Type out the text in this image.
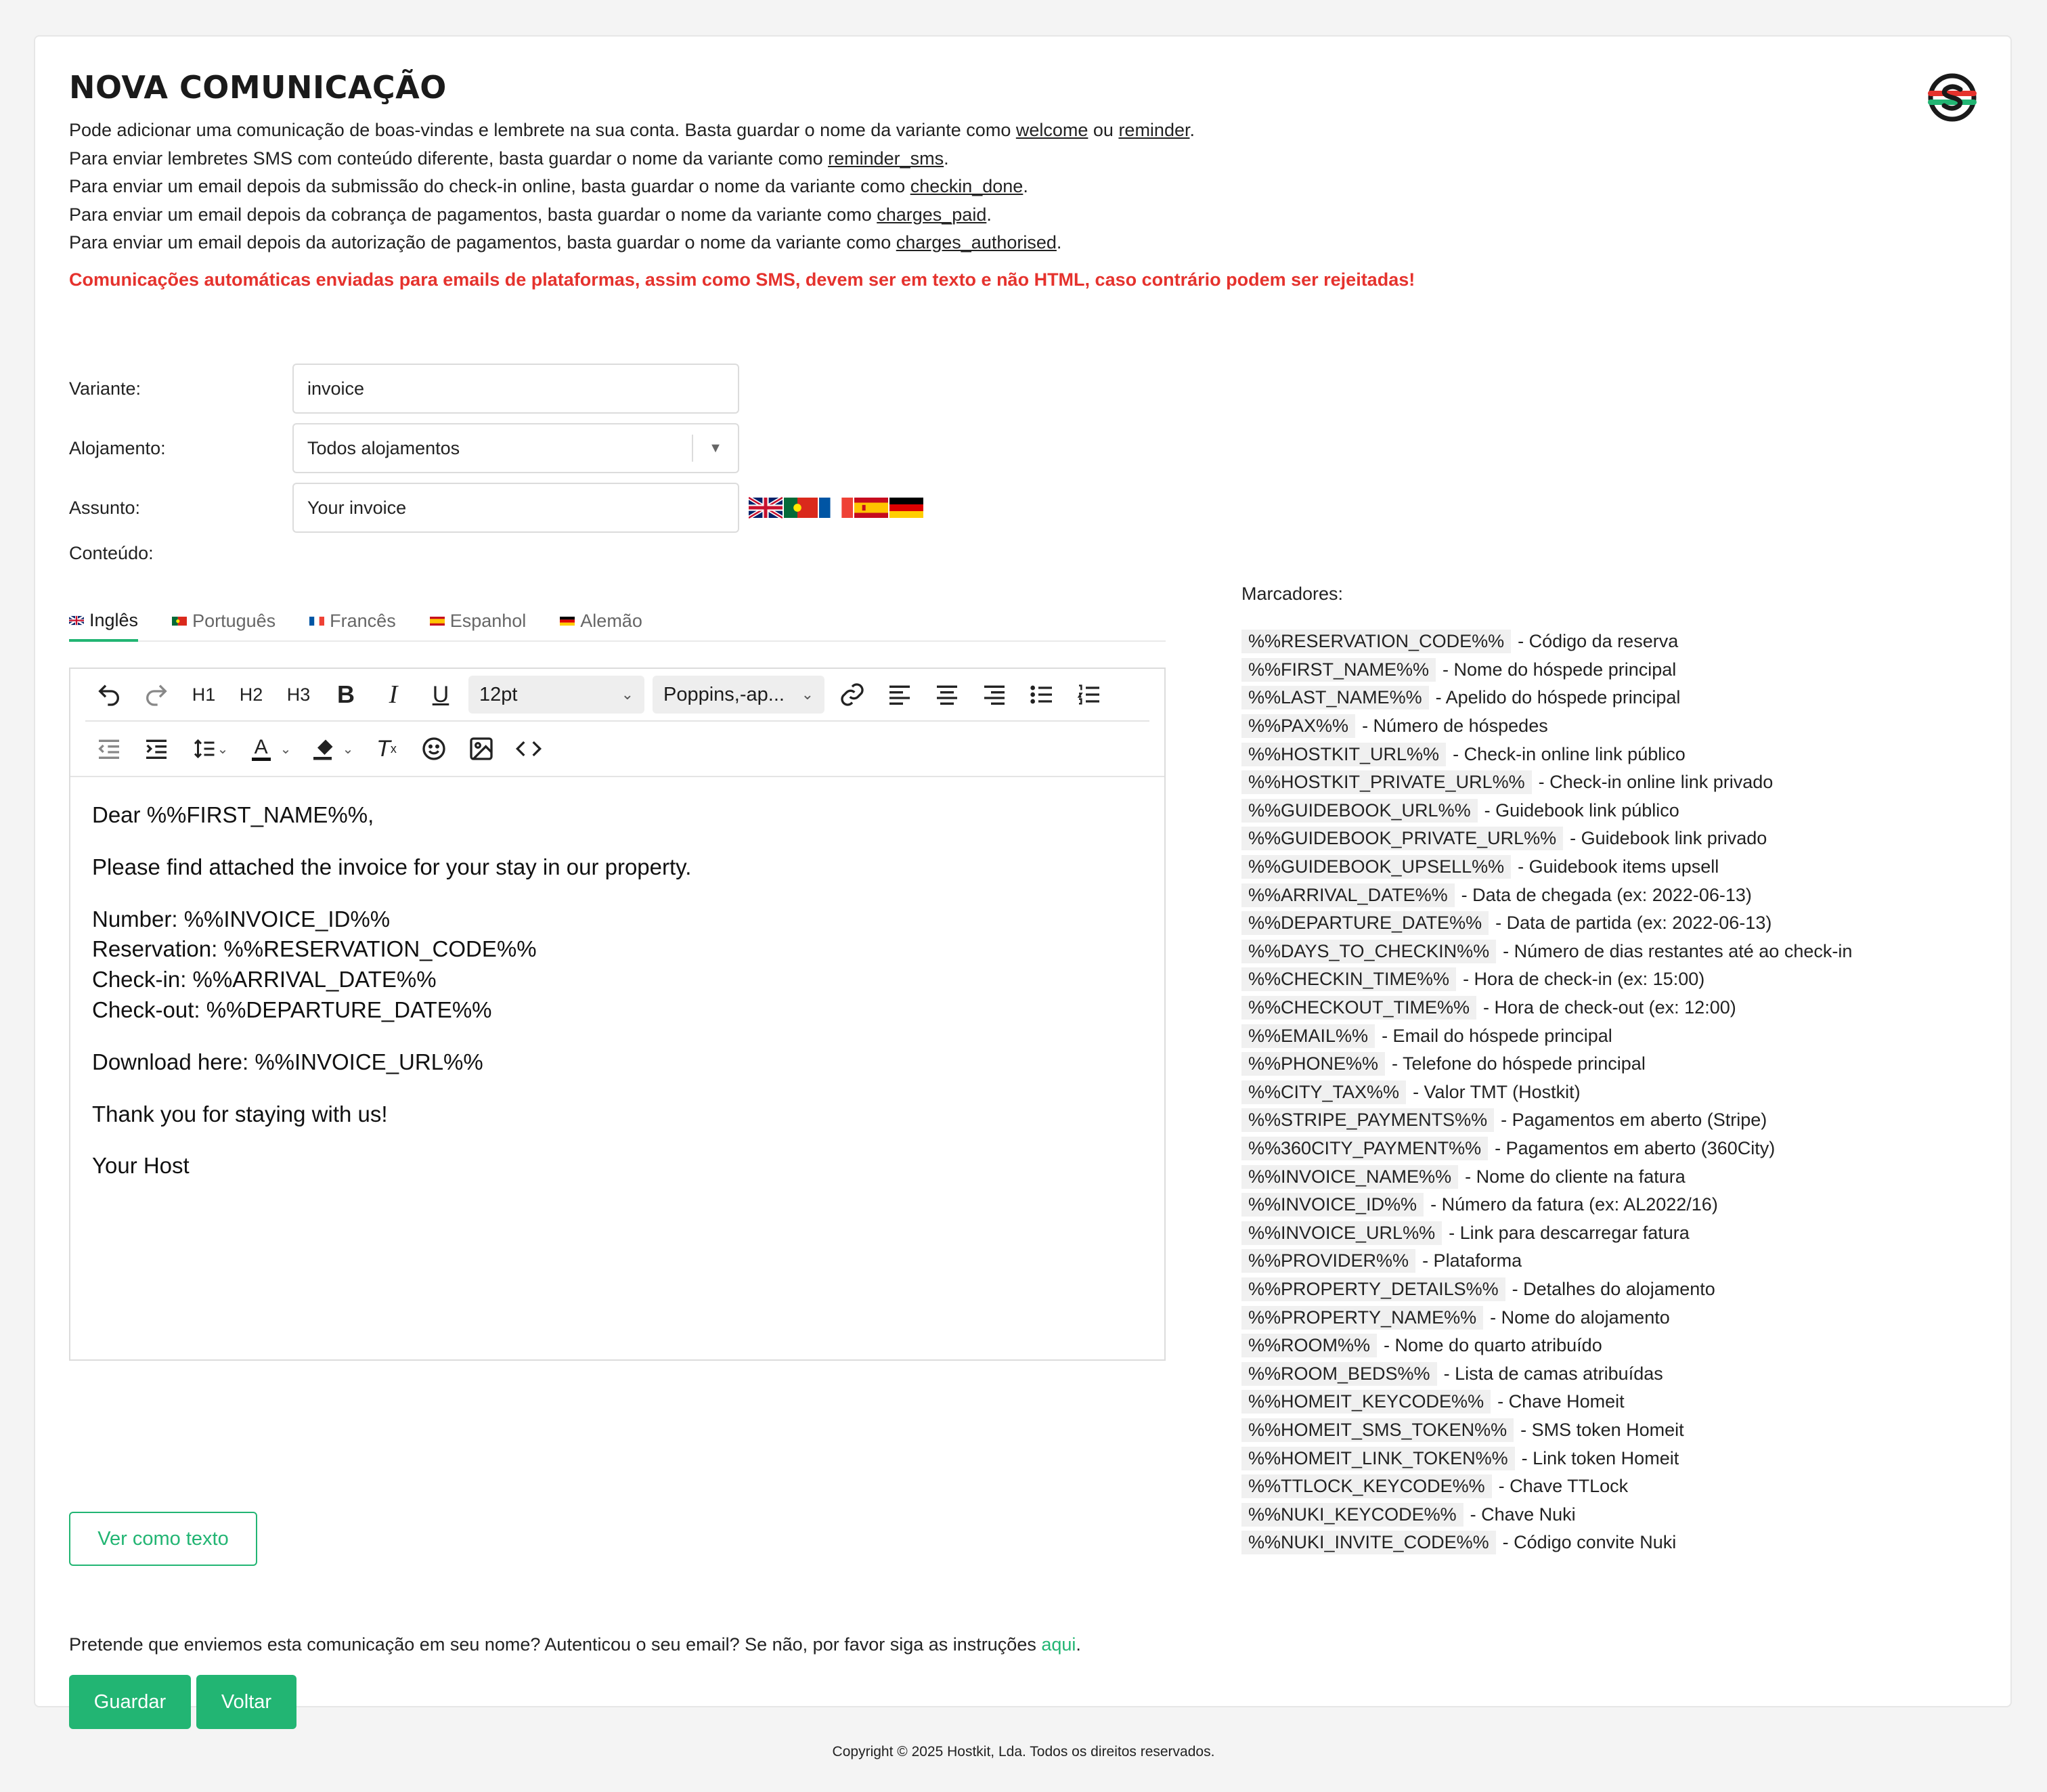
NOVA COMUNICAÇÃO
Pode adicionar uma comunicação de boas-vindas e lembrete na sua conta. Basta guardar o nome da variante como welcome ou reminder.
Para enviar lembretes SMS com conteúdo diferente, basta guardar o nome da variante como reminder_sms.
Para enviar um email depois da submissão do check-in online, basta guardar o nome da variante como checkin_done.
Para enviar um email depois da cobrança de pagamentos, basta guardar o nome da variante como charges_paid.
Para enviar um email depois da autorização de pagamentos, basta guardar o nome da variante como charges_authorised.
Comunicações automáticas enviadas para emails de plataformas, assim como SMS, devem ser em texto e não HTML, caso contrário podem ser rejeitadas!
Variante:	invoice
Alojamento:	Todos alojamentos	▼
Assunto:	Your invoice
Conteúdo:
Inglês	Português	Francês	Espanhol	Alemão
H1	H2	H3	B	I	U	12pt	⌄ Poppins,-ap... ⌄
⌄ A ⌄	⌄ T x

Dear %%FIRST_NAME%%,

Please find attached the invoice for your stay in our property.

Number: %%INVOICE_ID%%
Reservation: %%RESERVATION_CODE%%
Check-in: %%ARRIVAL_DATE%%
Check-out: %%DEPARTURE_DATE%%

Download here: %%INVOICE_URL%%

Thank you for staying with us!

Your Host

Ver como texto
Pretende que enviemos esta comunicação em seu nome? Autenticou o seu email? Se não, por favor siga as instruções aqui.
Guardar	Voltar
Marcadores:
%%RESERVATION_CODE%% - Código da reserva
%%FIRST_NAME%% - Nome do hóspede principal
%%LAST_NAME%% - Apelido do hóspede principal
%%PAX%% - Número de hóspedes
%%HOSTKIT_URL%% - Check-in online link público
%%HOSTKIT_PRIVATE_URL%% - Check-in online link privado
%%GUIDEBOOK_URL%% - Guidebook link público
%%GUIDEBOOK_PRIVATE_URL%% - Guidebook link privado
%%GUIDEBOOK_UPSELL%% - Guidebook items upsell
%%ARRIVAL_DATE%% - Data de chegada (ex: 2022-06-13)
%%DEPARTURE_DATE%% - Data de partida (ex: 2022-06-13)
%%DAYS_TO_CHECKIN%% - Número de dias restantes até ao check-in
%%CHECKIN_TIME%% - Hora de check-in (ex: 15:00)
%%CHECKOUT_TIME%% - Hora de check-out (ex: 12:00)
%%EMAIL%% - Email do hóspede principal
%%PHONE%% - Telefone do hóspede principal
%%CITY_TAX%% - Valor TMT (Hostkit)
%%STRIPE_PAYMENTS%% - Pagamentos em aberto (Stripe)
%%360CITY_PAYMENT%% - Pagamentos em aberto (360City)
%%INVOICE_NAME%% - Nome do cliente na fatura
%%INVOICE_ID%% - Número da fatura (ex: AL2022/16)
%%INVOICE_URL%% - Link para descarregar fatura
%%PROVIDER%% - Plataforma
%%PROPERTY_DETAILS%% - Detalhes do alojamento
%%PROPERTY_NAME%% - Nome do alojamento
%%ROOM%% - Nome do quarto atribuído
%%ROOM_BEDS%% - Lista de camas atribuídas
%%HOMEIT_KEYCODE%% - Chave Homeit
%%HOMEIT_SMS_TOKEN%% - SMS token Homeit
%%HOMEIT_LINK_TOKEN%% - Link token Homeit
%%TTLOCK_KEYCODE%% - Chave TTLock
%%NUKI_KEYCODE%% - Chave Nuki
%%NUKI_INVITE_CODE%% - Código convite Nuki
Copyright © 2025 Hostkit, Lda. Todos os direitos reservados.
